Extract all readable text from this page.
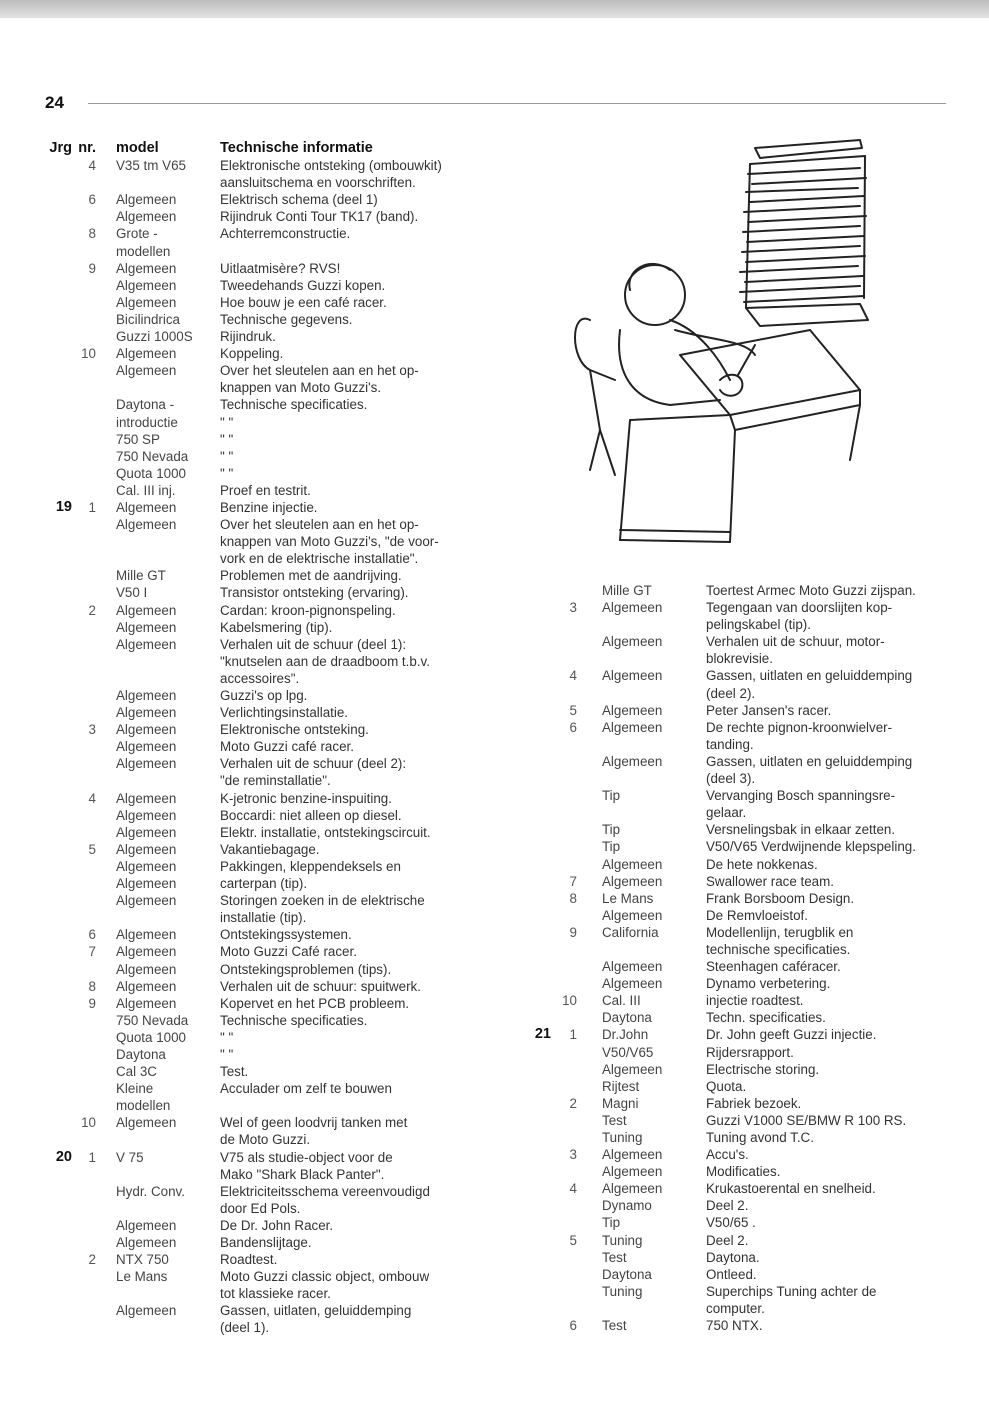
24
Jrg nr.	model	Technische informatie
4	V35 tm V65	Elektronische ontsteking (ombouwkit)
aansluitschema en voorschriften.
6	Algemeen	Elektrisch schema (deel 1)
Algemeen	Rijindruk Conti Tour TK17 (band).
8	Grote -	Achterremconstructie.
modellen

9	Algemeen	Uitlaatmisère? RVS!
Algemeen	Tweedehands Guzzi kopen.
Algemeen	Hoe bouw je een café racer.
Bicilindrica	Technische gegevens.
Guzzi 1000S	Rijindruk.
10	Algemeen	Koppeling.
Algemeen	Over het sleutelen aan en het op-
knappen van Moto Guzzi's.
Daytona -	Technische specificaties.
introductie	" "
750 SP	" "
750 Nevada	" "
Quota 1000	" "
Cal. III inj.	Proef en testrit.
19	1	Algemeen	Benzine injectie.
Algemeen	Over het sleutelen aan en het op-
knappen van Moto Guzzi's, "de voor-
vork en de elektrische installatie".
Mille GT	Problemen met de aandrijving.
V50 I	Transistor ontsteking (ervaring).
2	Algemeen	Cardan: kroon-pignonspeling.
Algemeen	Kabelsmering (tip).
Algemeen	Verhalen uit de schuur (deel 1):
"knutselen aan de draadboom t.b.v.
accessoires".
Algemeen	Guzzi's op lpg.
Algemeen	Verlichtingsinstallatie.
3	Algemeen	Elektronische ontsteking.
Algemeen	Moto Guzzi café racer.
Algemeen	Verhalen uit de schuur (deel 2):
"de reminstallatie".
4	Algemeen	K-jetronic benzine-inspuiting.
Algemeen	Boccardi: niet alleen op diesel.
Algemeen	Elektr. installatie, ontstekingscircuit.
5	Algemeen	Vakantiebagage.
Algemeen	Pakkingen, kleppendeksels en
Algemeen	carterpan (tip).
Algemeen	Storingen zoeken in de elektrische
installatie (tip).
6	Algemeen	Ontstekingssystemen.
7	Algemeen	Moto Guzzi Café racer.
Algemeen	Ontstekingsproblemen (tips).
8	Algemeen	Verhalen uit de schuur: spuitwerk.
9	Algemeen	Kopervet en het PCB probleem.
750 Nevada	Technische specificaties.
Quota 1000	" "
Daytona	" "
Cal 3C	Test.
Kleine	Acculader om zelf te bouwen
modellen

10	Algemeen	Wel of geen loodvrij tanken met
de Moto Guzzi.
20	1	V 75	V75 als studie-object voor de
Mako "Shark Black Panter".
Hydr. Conv.	Elektriciteitsschema vereenvoudigd
door Ed Pols.
Algemeen	De Dr. John Racer.
Algemeen	Bandenslijtage.
2	NTX 750	Roadtest.
Le Mans	Moto Guzzi classic object, ombouw
tot klassieke racer.
Algemeen	Gassen, uitlaten, geluiddemping
(deel 1).
Mille GT	Toertest Armec Moto Guzzi zijspan.
3	Algemeen	Tegengaan van doorslijten kop-
pelingskabel (tip).
Algemeen	Verhalen uit de schuur, motor-
blokrevisie.
4	Algemeen	Gassen, uitlaten en geluiddemping
(deel 2).
5	Algemeen	Peter Jansen's racer.
6	Algemeen	De rechte pignon-kroonwielver-
tanding.
Algemeen	Gassen, uitlaten en geluiddemping
(deel 3).
Tip	Vervanging Bosch spanningsre-
gelaar.
Tip	Versnelingsbak in elkaar zetten.
Tip	V50/V65 Verdwijnende klepspeling.
Algemeen	De hete nokkenas.
7	Algemeen	Swallower race team.
8	Le Mans	Frank Borsboom Design.
Algemeen	De Remvloeistof.
9	California	Modellenlijn, terugblik en
technische specificaties.
Algemeen	Steenhagen caféracer.
Algemeen	Dynamo verbetering.
10	Cal. III	injectie roadtest.
Daytona	Techn. specificaties.
21	1	Dr.John	Dr. John geeft Guzzi injectie.
V50/V65	Rijdersrapport.
Algemeen	Electrische storing.
Rijtest	Quota.
2	Magni	Fabriek bezoek.
Test	Guzzi V1000 SE/BMW R 100 RS.
Tuning	Tuning avond T.C.
3	Algemeen	Accu's.
Algemeen	Modificaties.
4	Algemeen	Krukastoerental en snelheid.
Dynamo	Deel 2.
Tip	V50/65 .
5	Tuning	Deel 2.
Test	Daytona.
Daytona	Ontleed.
Tuning	Superchips Tuning achter de
computer.
6	Test	750 NTX.
